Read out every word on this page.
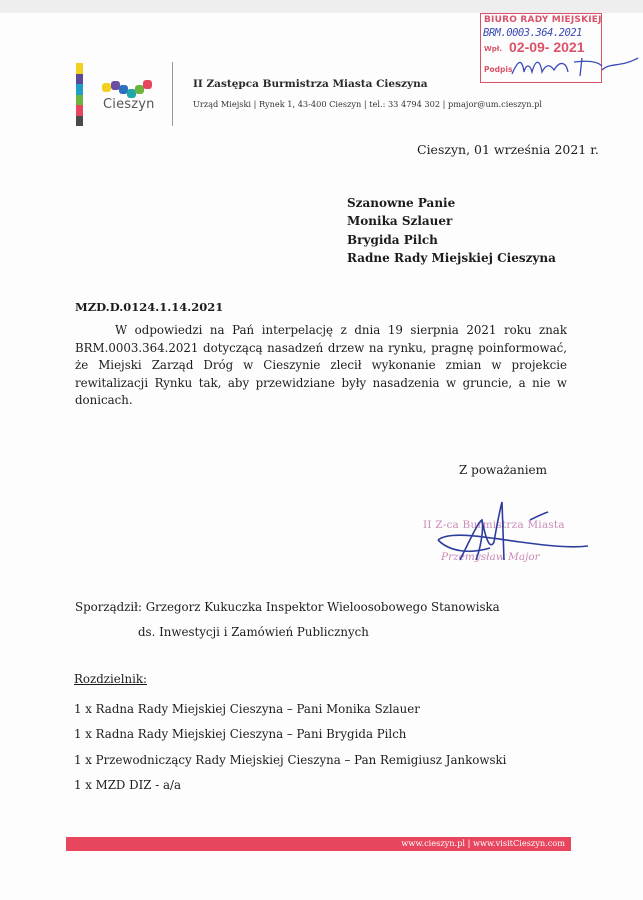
Cieszyn
II Zastępca Burmistrza Miasta Cieszyna
Urząd Miejski | Rynek 1, 43-400 Cieszyn | tel.: 33 4794 302 | pmajor@um.cieszyn.pl
BIURO RADY MIEJSKIEJ
BRM.0003.364.2021
Wpł. 02-09- 2021
Podpis
Cieszyn, 01 września 2021 r.
Szanowne Panie
Monika Szlauer
Brygida Pilch
Radne Rady Miejskiej Cieszyna
MZD.D.0124.1.14.2021
W odpowiedzi na Pań interpelację z dnia 19 sierpnia 2021 roku znak BRM.0003.364.2021 dotyczącą nasadzeń drzew na rynku, pragnę poinformować, że Miejski Zarząd Dróg w Cieszynie zlecił wykonanie zmian w projekcie rewitalizacji Rynku tak, aby przewidziane były nasadzenia w gruncie, a nie w donicach.
Z poważaniem
II Z-ca Burmistrza Miasta
Przemysław Major
Sporządził: Grzegorz Kukuczka Inspektor Wieloosobowego Stanowiska
ds. Inwestycji i Zamówień Publicznych
Rozdzielnik:
1 x Radna Rady Miejskiej Cieszyna – Pani Monika Szlauer
1 x Radna Rady Miejskiej Cieszyna – Pani Brygida Pilch
1 x Przewodniczący Rady Miejskiej Cieszyna – Pan Remigiusz Jankowski
1 x MZD DIZ - a/a
www.cieszyn.pl | www.visitCieszyn.com
